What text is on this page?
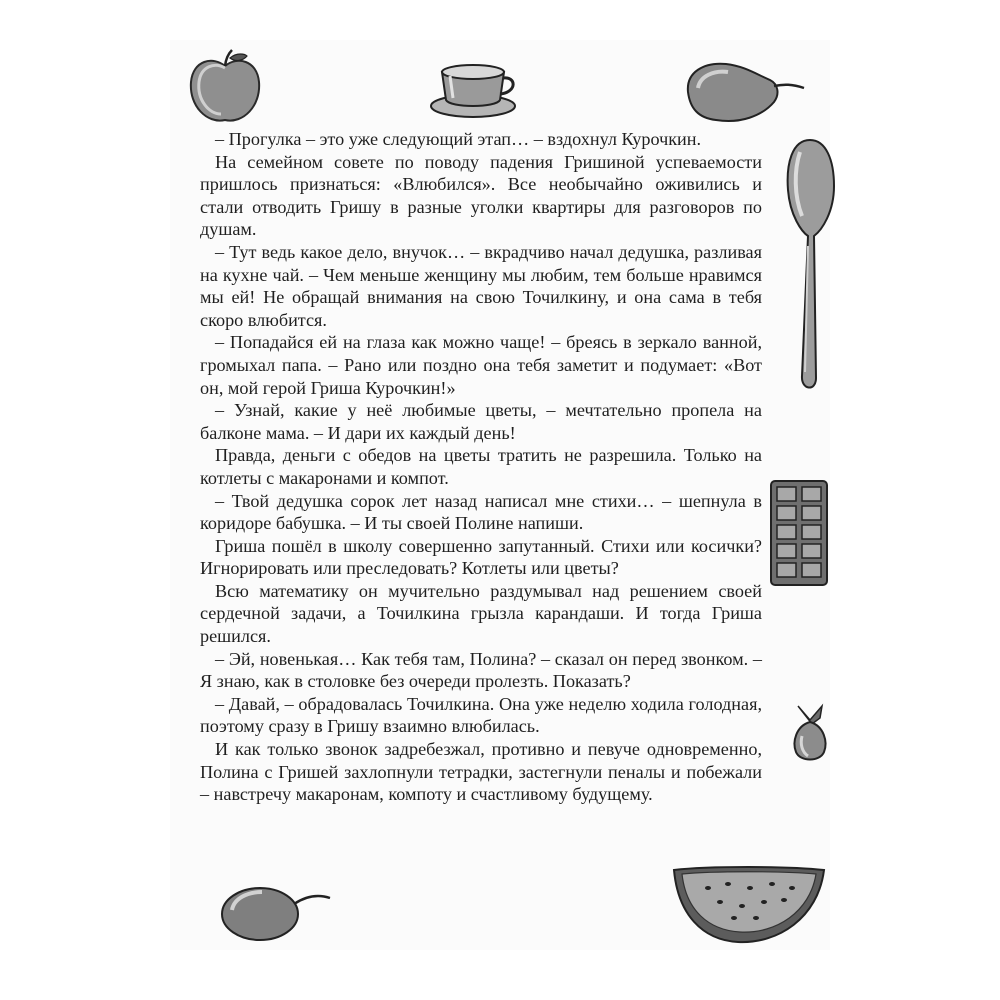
– Прогулка – это уже следующий этап… – вздохнул Курочкин.

На семейном совете по поводу падения Гришиной успеваемости пришлось признаться: «Влюбился». Все необычайно оживились и стали отводить Гришу в разные уголки квартиры для разговоров по душам.

– Тут ведь какое дело, внучок… – вкрадчиво начал дедушка, разливая на кухне чай. – Чем меньше женщину мы любим, тем больше нравимся мы ей! Не обращай внимания на свою Точилкину, и она сама в тебя скоро влюбится.

– Попадайся ей на глаза как можно чаще! – бреясь в зеркало ванной, громыхал папа. – Рано или поздно она тебя заметит и подумает: «Вот он, мой герой Гриша Курочкин!»

– Узнай, какие у неё любимые цветы, – мечтательно пропела на балконе мама. – И дари их каждый день!

Правда, деньги с обедов на цветы тратить не разрешила. Только на котлеты с макаронами и компот.

– Твой дедушка сорок лет назад написал мне стихи… – шепнула в коридоре бабушка. – И ты своей Полине напиши.

Гриша пошёл в школу совершенно запутанный. Стихи или косички? Игнорировать или преследовать? Котлеты или цветы?

Всю математику он мучительно раздумывал над решением своей сердечной задачи, а Точилкина грызла карандаши. И тогда Гриша решился.

– Эй, новенькая… Как тебя там, Полина? – сказал он перед звонком. – Я знаю, как в столовке без очереди пролезть. Показать?

– Давай, – обрадовалась Точилкина. Она уже неделю ходила голодная, поэтому сразу в Гришу взаимно влюбилась.

И как только звонок задребезжал, противно и певуче одновременно, Полина с Гришей захлопнули тетрадки, застегнули пеналы и побежали – навстречу макаронам, компоту и счастливому будущему.
